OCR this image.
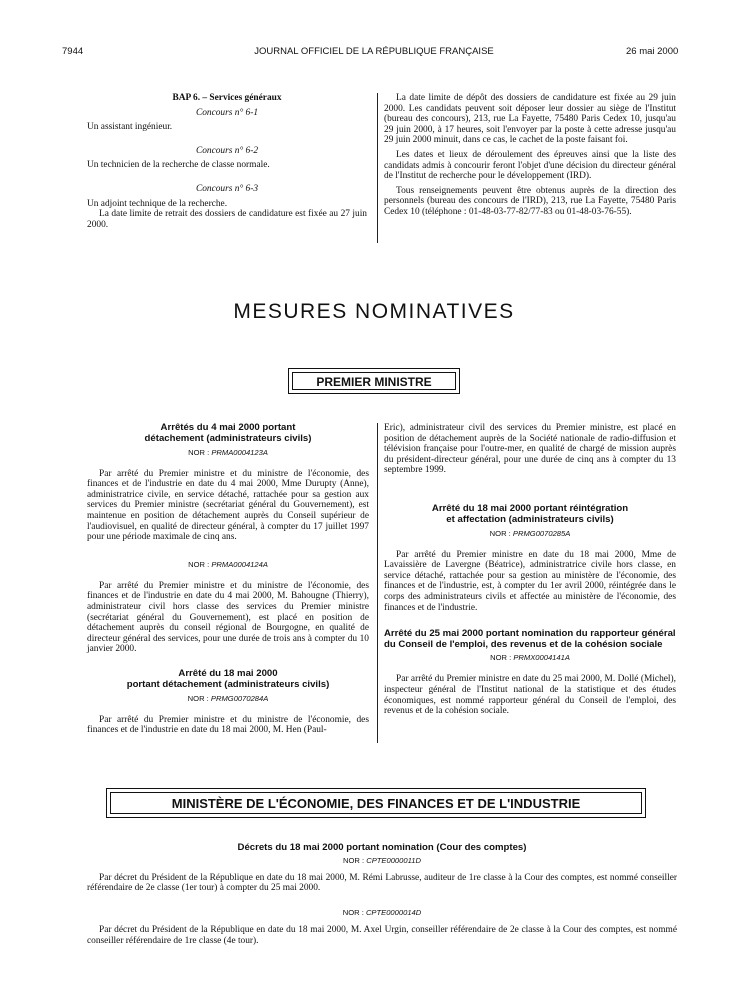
7944	JOURNAL OFFICIEL DE LA RÉPUBLIQUE FRANÇAISE	26 mai 2000

BAP 6. – Services généraux

Concours n° 6-1

Un assistant ingénieur.

Concours n° 6-2

Un technicien de la recherche de classe normale.

Concours n° 6-3

Un adjoint technique de la recherche.

La date limite de retrait des dossiers de candidature est fixée au 27 juin 2000.

La date limite de dépôt des dossiers de candidature est fixée au 29 juin 2000. Les candidats peuvent soit déposer leur dossier au siège de l'Institut (bureau des concours), 213, rue La Fayette, 75480 Paris Cedex 10, jusqu'au 29 juin 2000, à 17 heures, soit l'envoyer par la poste à cette adresse jusqu'au 29 juin 2000 minuit, dans ce cas, le cachet de la poste faisant foi.

Les dates et lieux de déroulement des épreuves ainsi que la liste des candidats admis à concourir feront l'objet d'une décision du directeur général de l'Institut de recherche pour le développement (IRD).

Tous renseignements peuvent être obtenus auprès de la direction des personnels (bureau des concours de l'IRD), 213, rue La Fayette, 75480 Paris Cedex 10 (téléphone : 01-48-03-77-82/77-83 ou 01-48-03-76-55).

MESURES NOMINATIVES
PREMIER MINISTRE

Arrêtés du 4 mai 2000 portant

détachement (administrateurs civils)

NOR : PRMA0004123A

Par arrêté du Premier ministre et du ministre de l'économie, des finances et de l'industrie en date du 4 mai 2000, Mme Durupty (Anne), administratrice civile, en service détaché, rattachée pour sa gestion aux services du Premier ministre (secrétariat général du Gouvernement), est maintenue en position de détachement auprès du Conseil supérieur de l'audiovisuel, en qualité de directeur général, à compter du 17 juillet 1997 pour une période maximale de cinq ans.

NOR : PRMA0004124A

Par arrêté du Premier ministre et du ministre de l'économie, des finances et de l'industrie en date du 4 mai 2000, M. Bahougne (Thierry), administrateur civil hors classe des services du Premier ministre (secrétariat général du Gouvernement), est placé en position de détachement auprès du conseil régional de Bourgogne, en qualité de directeur général des services, pour une durée de trois ans à compter du 10 janvier 2000.

Arrêté du 18 mai 2000

portant détachement (administrateurs civils)

NOR : PRMG0070284A

Par arrêté du Premier ministre et du ministre de l'économie, des finances et de l'industrie en date du 18 mai 2000, M. Hen (Paul-

Eric), administrateur civil des services du Premier ministre, est placé en position de détachement auprès de la Société nationale de radio-diffusion et télévision française pour l'outre-mer, en qualité de chargé de mission auprès du président-directeur général, pour une durée de cinq ans à compter du 13 septembre 1999.

Arrêté du 18 mai 2000 portant réintégration

et affectation (administrateurs civils)

NOR : PRMG0070285A

Par arrêté du Premier ministre en date du 18 mai 2000, Mme de Lavaissière de Lavergne (Béatrice), administratrice civile hors classe, en service détaché, rattachée pour sa gestion au ministère de l'économie, des finances et de l'industrie, est, à compter du 1er avril 2000, réintégrée dans le corps des administrateurs civils et affectée au ministère de l'économie, des finances et de l'industrie.

Arrêté du 25 mai 2000 portant nomination du rapporteur général du Conseil de l'emploi, des revenus et de la cohésion sociale

NOR : PRMX0004141A

Par arrêté du Premier ministre en date du 25 mai 2000, M. Dollé (Michel), inspecteur général de l'Institut national de la statistique et des études économiques, est nommé rapporteur général du Conseil de l'emploi, des revenus et de la cohésion sociale.

MINISTÈRE DE L'ÉCONOMIE, DES FINANCES ET DE L'INDUSTRIE

Décrets du 18 mai 2000 portant nomination (Cour des comptes)

NOR : CPTE0000011D

Par décret du Président de la République en date du 18 mai 2000, M. Rémi Labrusse, auditeur de 1re classe à la Cour des comptes, est nommé conseiller référendaire de 2e classe (1er tour) à compter du 25 mai 2000.

NOR : CPTE0000014D

Par décret du Président de la République en date du 18 mai 2000, M. Axel Urgin, conseiller référendaire de 2e classe à la Cour des comptes, est nommé conseiller référendaire de 1re classe (4e tour).
